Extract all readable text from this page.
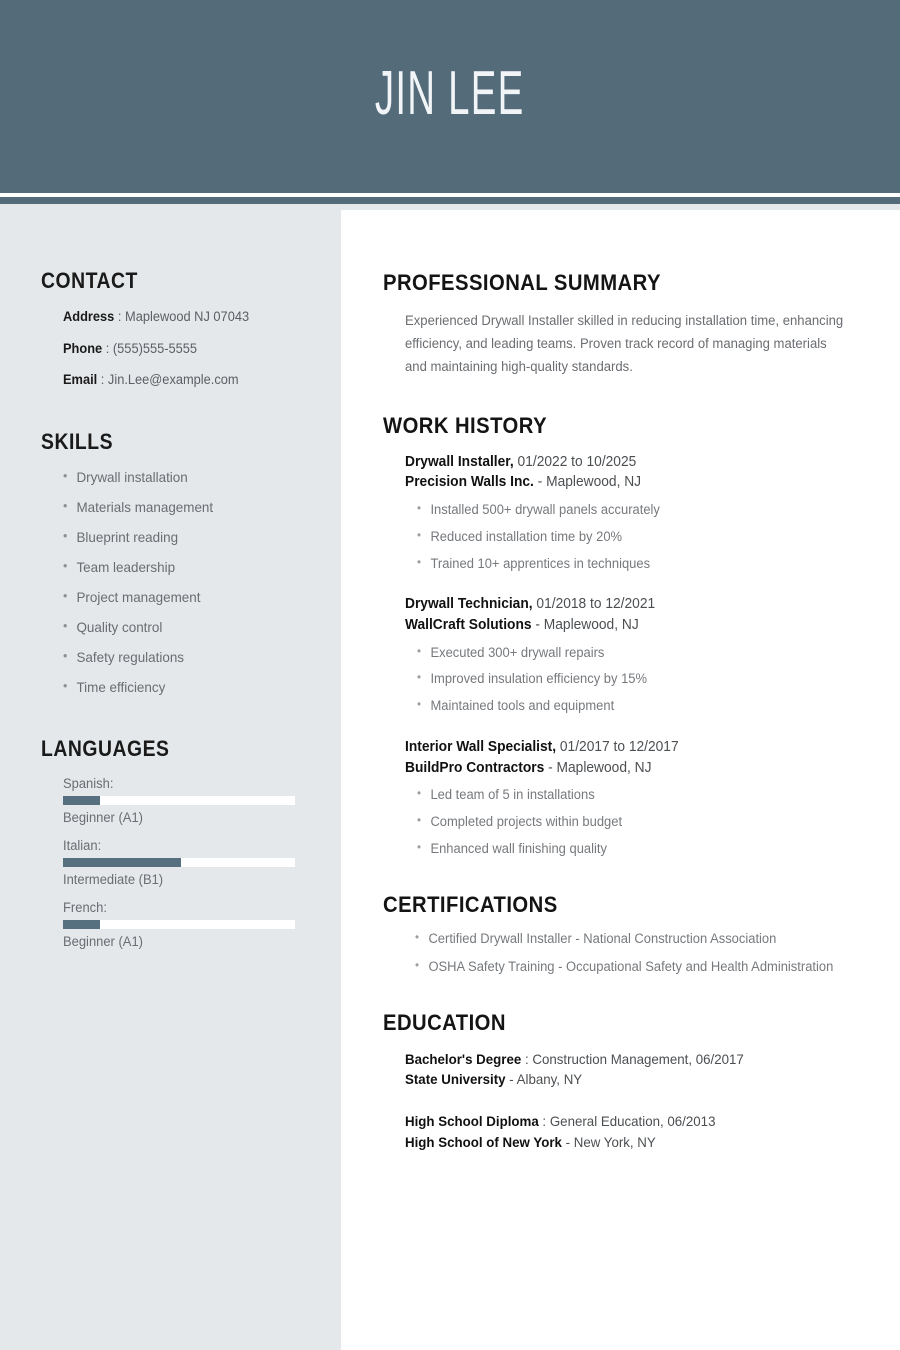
JIN LEE
CONTACT
Address : Maplewood NJ 07043
Phone : (555)555-5555
Email : Jin.Lee@example.com
SKILLS
• Drywall installation
• Materials management
• Blueprint reading
• Team leadership
• Project management
• Quality control
• Safety regulations
• Time efficiency
LANGUAGES
Spanish:
Beginner (A1)
Italian:
Intermediate (B1)
French:
Beginner (A1)
PROFESSIONAL SUMMARY

Experienced Drywall Installer skilled in reducing installation time, enhancing efficiency, and leading teams. Proven track record of managing materials and maintaining high-quality standards.

WORK HISTORY
Drywall Installer, 01/2022 to 10/2025
Precision Walls Inc. - Maplewood, NJ
• Installed 500+ drywall panels accurately
• Reduced installation time by 20%
• Trained 10+ apprentices in techniques
Drywall Technician, 01/2018 to 12/2021
WallCraft Solutions - Maplewood, NJ
• Executed 300+ drywall repairs
• Improved insulation efficiency by 15%
• Maintained tools and equipment
Interior Wall Specialist, 01/2017 to 12/2017
BuildPro Contractors - Maplewood, NJ
• Led team of 5 in installations
• Completed projects within budget
• Enhanced wall finishing quality
CERTIFICATIONS
• Certified Drywall Installer - National Construction Association
• OSHA Safety Training - Occupational Safety and Health Administration
EDUCATION
Bachelor's Degree : Construction Management, 06/2017
State University - Albany, NY
High School Diploma : General Education, 06/2013
High School of New York - New York, NY
